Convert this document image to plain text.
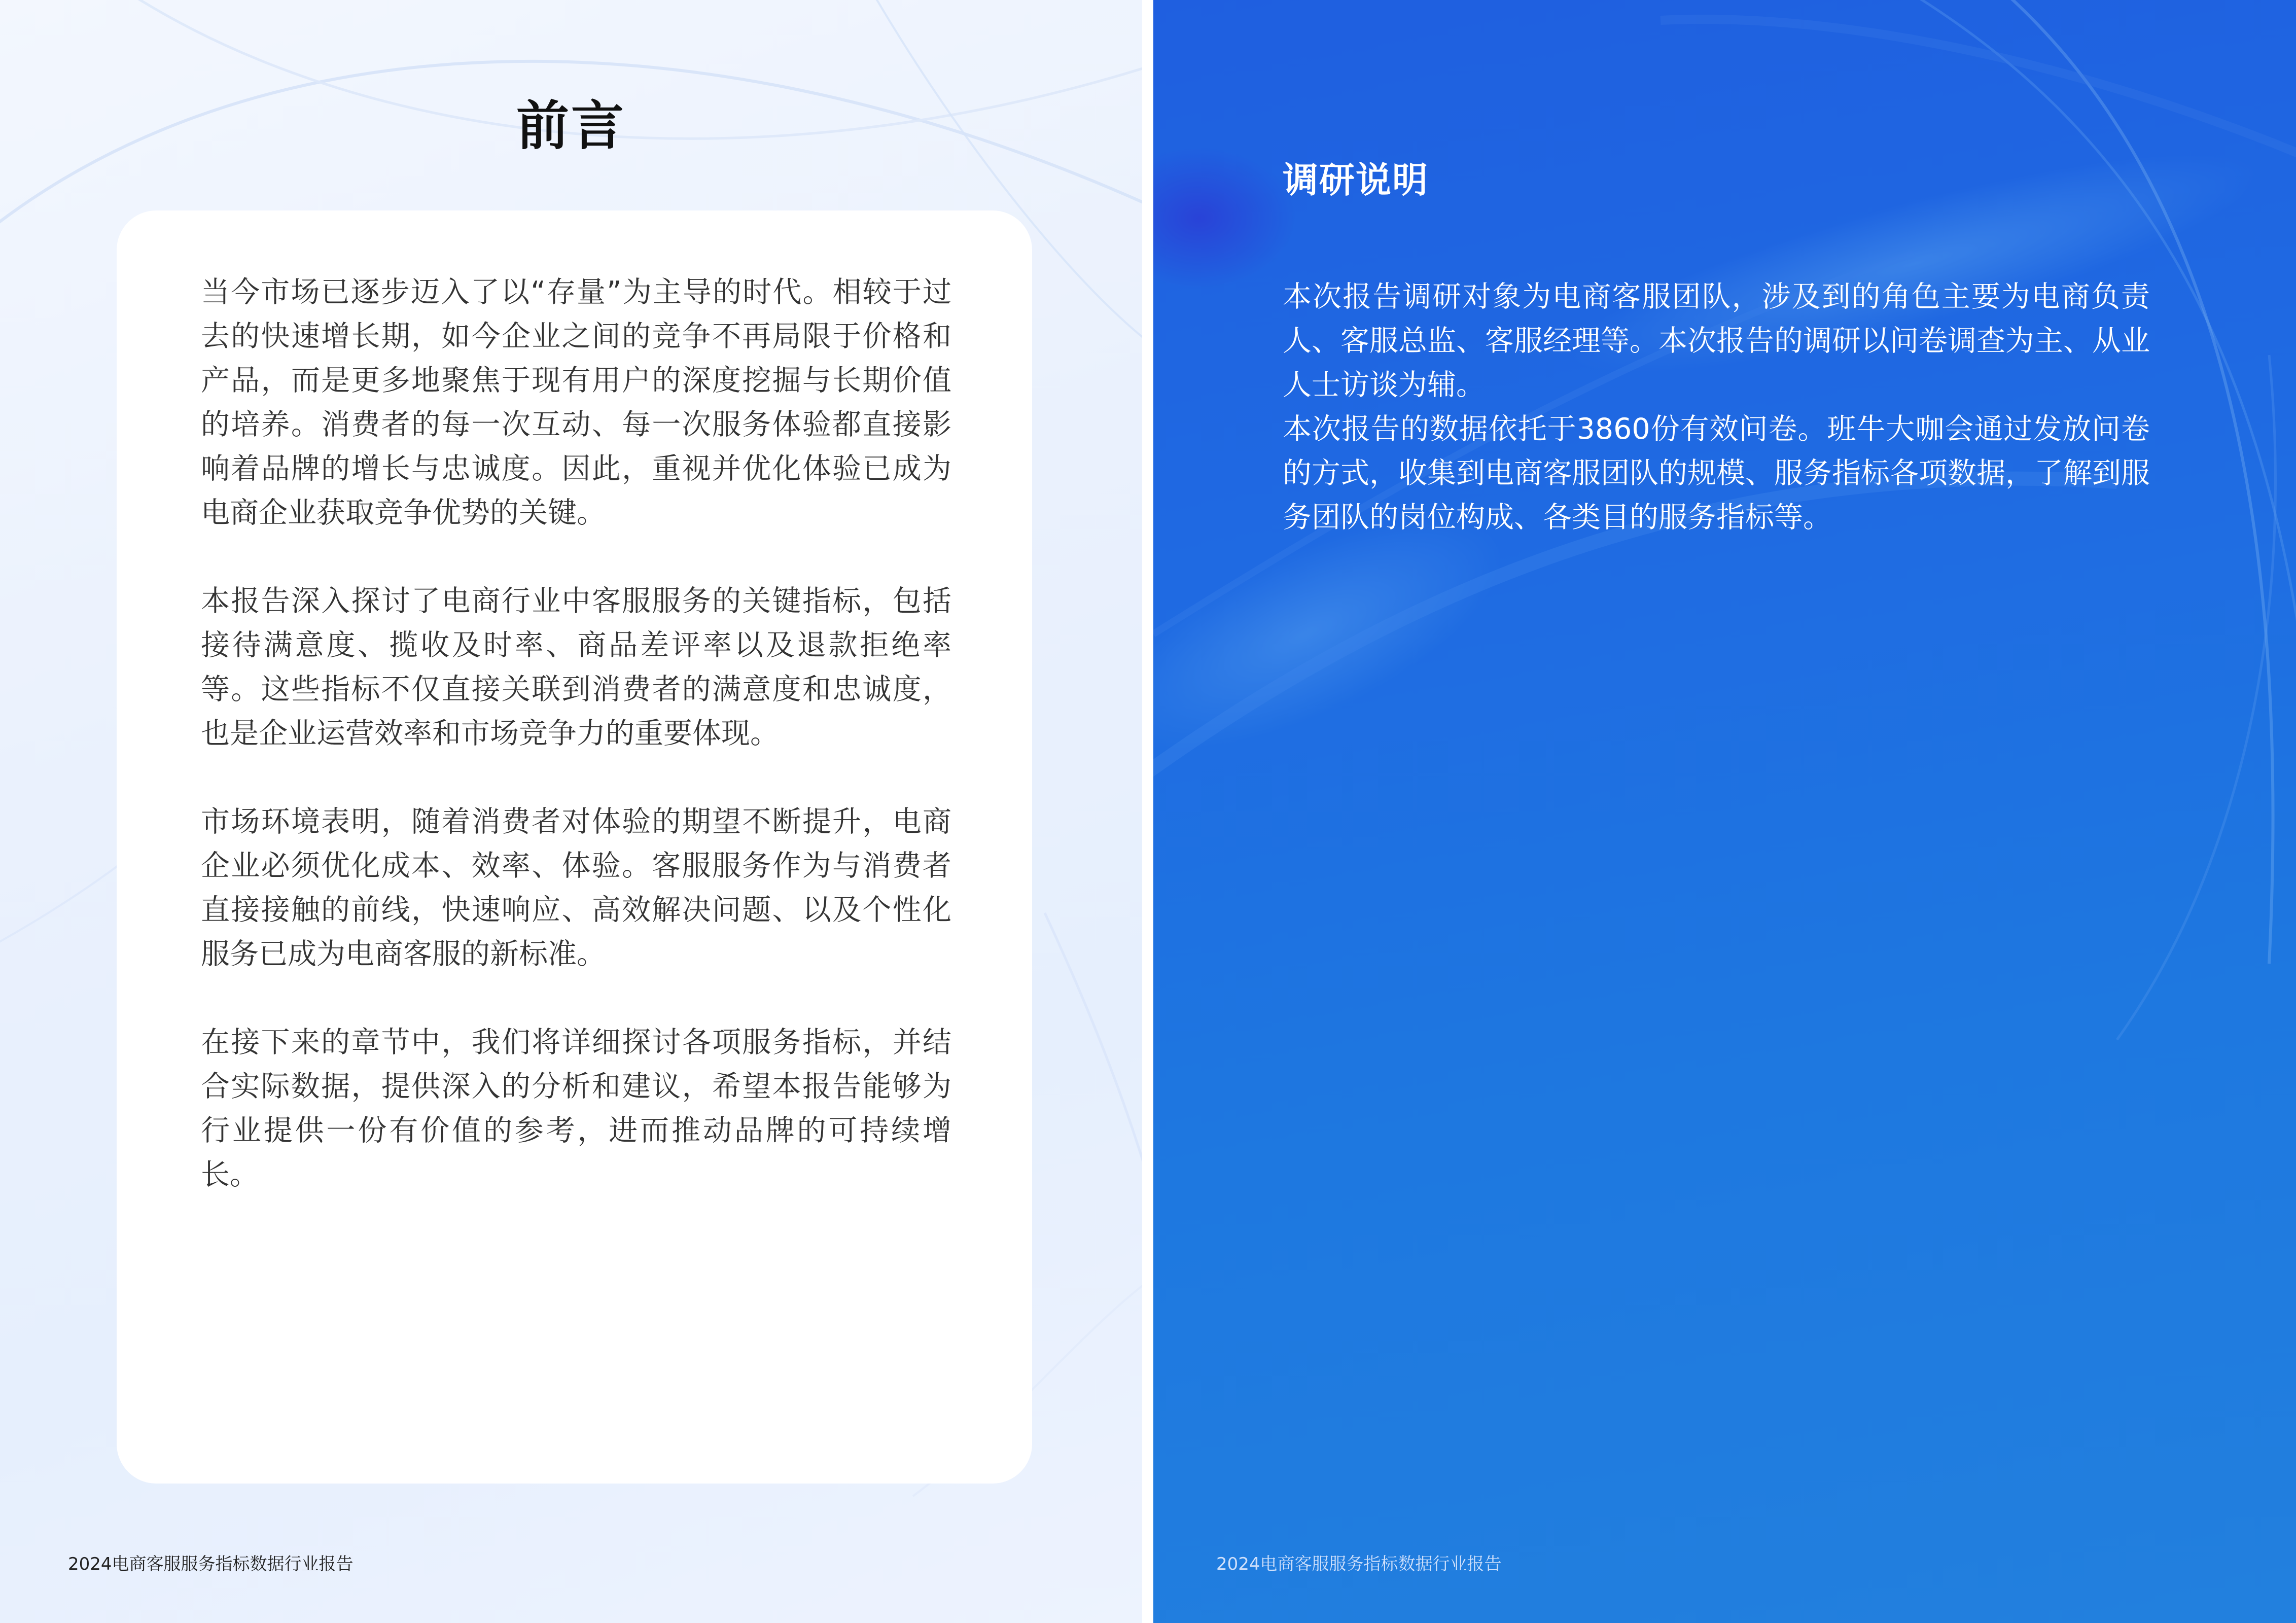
前言

当今市场已逐步迈入了以“存量”为主导的时代。相较于过去的快速增长期，如今企业之间的竞争不再局限于价格和产品，而是更多地聚焦于现有用户的深度挖掘与长期价值的培养。消费者的每一次互动、每一次服务体验都直接影响着品牌的增长与忠诚度。因此，重视并优化体验已成为电商企业获取竞争优势的关键。

本报告深入探讨了电商行业中客服服务的关键指标，包括接待满意度、揽收及时率、商品差评率以及退款拒绝率等。这些指标不仅直接关联到消费者的满意度和忠诚度，也是企业运营效率和市场竞争力的重要体现。

市场环境表明，随着消费者对体验的期望不断提升，电商企业必须优化成本、效率、体验。客服服务作为与消费者直接接触的前线，快速响应、高效解决问题、以及个性化服务已成为电商客服的新标准。

在接下来的章节中，我们将详细探讨各项服务指标，并结合实际数据，提供深入的分析和建议，希望本报告能够为行业提供一份有价值的参考，进而推动品牌的可持续增长。

2024电商客服服务指标数据行业报告
调研说明

本次报告调研对象为电商客服团队，涉及到的角色主要为电商负责人、客服总监、客服经理等。本次报告的调研以问卷调查为主、从业人士访谈为辅。

本次报告的数据依托于3860份有效问卷。班牛大咖会通过发放问卷的方式，收集到电商客服团队的规模、服务指标各项数据，了解到服务团队的岗位构成、各类目的服务指标等。

2024电商客服服务指标数据行业报告
